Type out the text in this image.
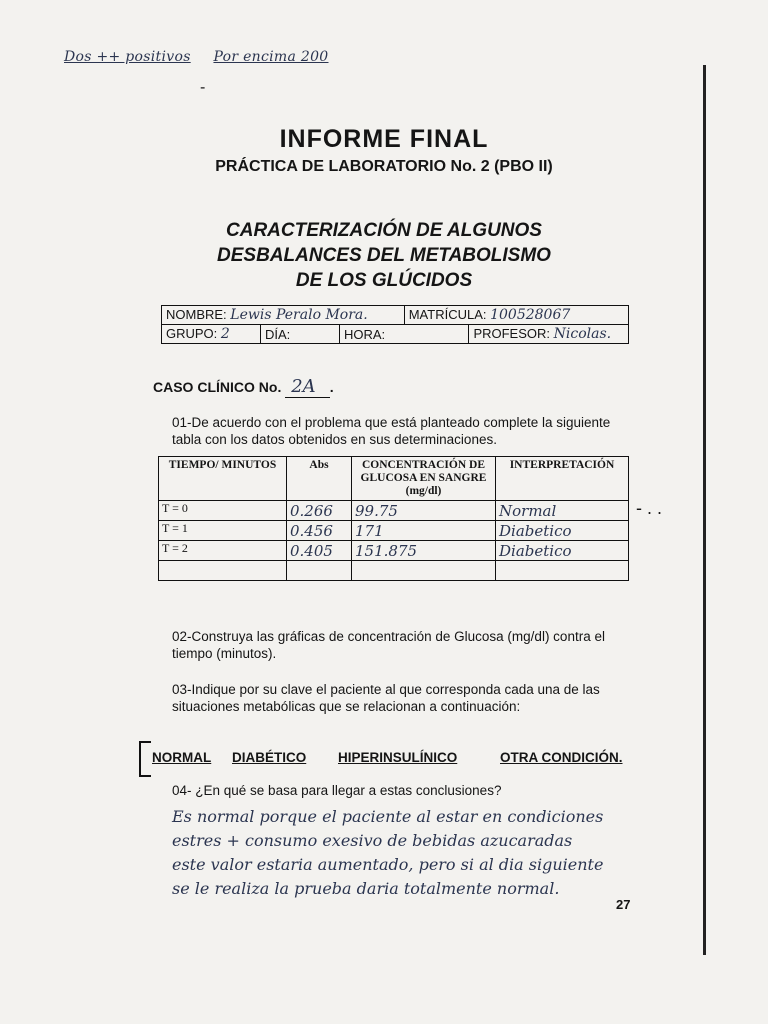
Dos ++ positivos Por encima 200
-
INFORME FINAL
PRÁCTICA DE LABORATORIO No. 2 (PBO II)
CARACTERIZACIÓN DE ALGUNOS
DESBALANCES DEL METABOLISMO
DE LOS GLÚCIDOS
NOMBRE: Lewis Peralo Mora.			MATRÍCULA: 100528067	
GRUPO: 2	DÍA:	HORA:		PROFESOR: Nicolas.
CASO CLÍNICO No. 2A .
01-De acuerdo con el problema que está planteado complete la siguiente tabla con los datos obtenidos en sus determinaciones.
TIEMPO/ MINUTOS	Abs	CONCENTRACIÓN DE GLUCOSA EN SANGRE (mg/dl)	INTERPRETACIÓN
T = 0	0.266	99.75	Normal
T = 1	0.456	171	Diabetico
T = 2	0.405	151.875	Diabetico

- . .
02-Construya las gráficas de concentración de Glucosa (mg/dl) contra el tiempo (minutos).
03-Indique por su clave el paciente al que corresponda cada una de las situaciones metabólicas que se relacionan a continuación:
NORMAL DIABÉTICO HIPERINSULÍNICO	OTRA CONDICIÓN.
04- ¿En qué se basa para llegar a estas conclusiones?
Es normal porque el paciente al estar en condiciones
estres + consumo exesivo de bebidas azucaradas
este valor estaria aumentado, pero si al dia siguiente
se le realiza la prueba daria totalmente normal.
27
